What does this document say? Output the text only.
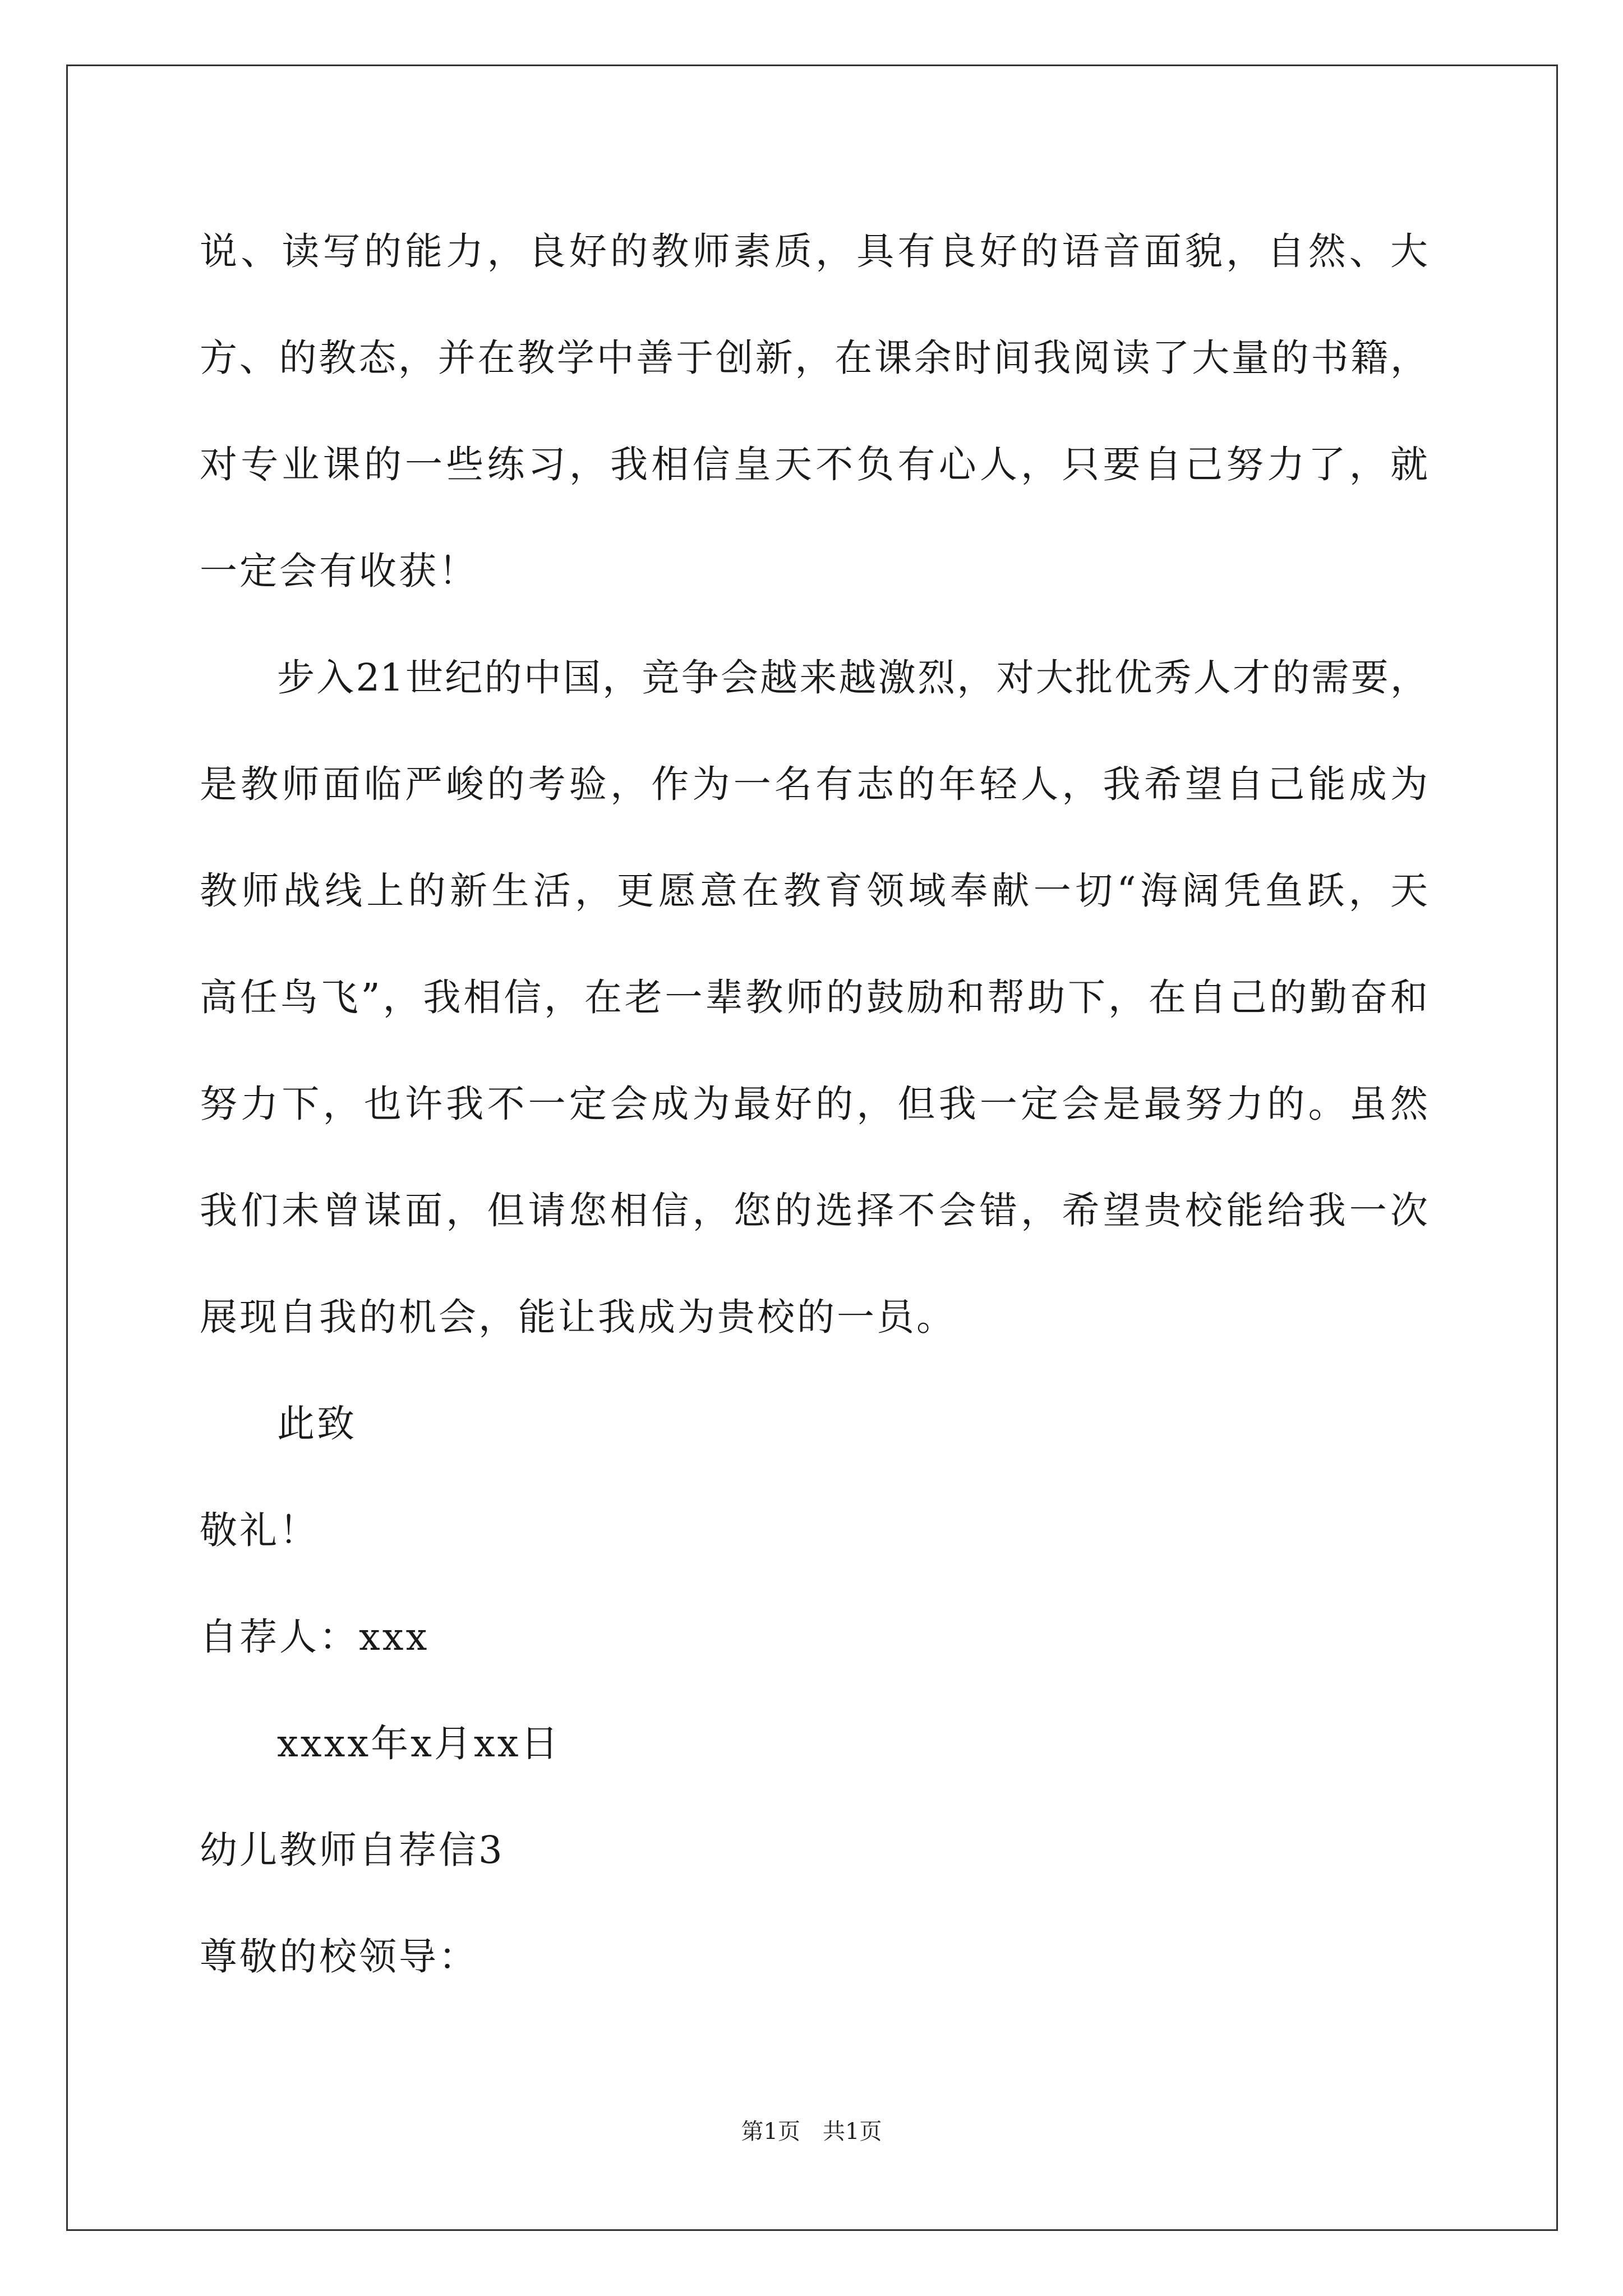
说、读写的能力，良好的教师素质，具有良好的语音面貌，自然、大
方、的教态，并在教学中善于创新，在课余时间我阅读了大量的书籍，
对专业课的一些练习，我相信皇天不负有心人，只要自己努力了，就
一定会有收获！
步入21世纪的中国，竞争会越来越激烈，对大批优秀人才的需要，
是教师面临严峻的考验，作为一名有志的年轻人，我希望自己能成为
教师战线上的新生活，更愿意在教育领域奉献一切“海阔凭鱼跃，天
高任鸟飞”，我相信，在老一辈教师的鼓励和帮助下，在自己的勤奋和
努力下，也许我不一定会成为最好的，但我一定会是最努力的。虽然
我们未曾谋面，但请您相信，您的选择不会错，希望贵校能给我一次
展现自我的机会，能让我成为贵校的一员。
此致
敬礼！
自荐人：xxx
xxxx年x月xx日
幼儿教师自荐信3
尊敬的校领导：
第1页　共1页
